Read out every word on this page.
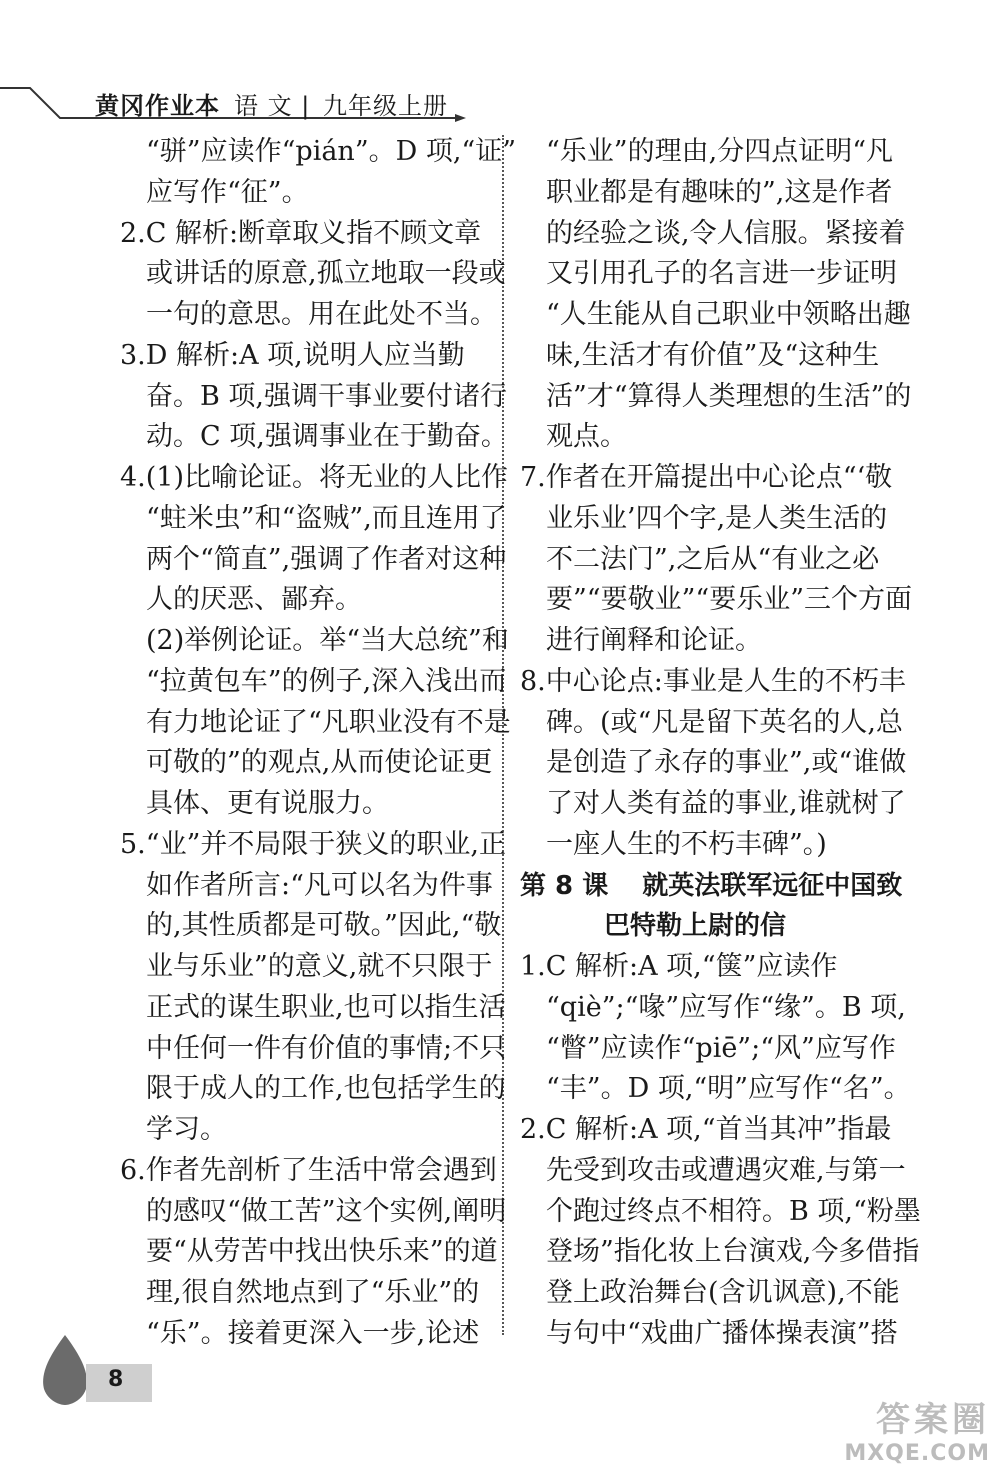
黄冈作业本 语 文 | 九年级上册
“骈”应读作“pián”。D 项,“证”
应写作“征”。
2.C 解析:断章取义指不顾文章
或讲话的原意,孤立地取一段或
一句的意思。用在此处不当。
3.D 解析:A 项,说明人应当勤
奋。B 项,强调干事业要付诸行
动。C 项,强调事业在于勤奋。
4.(1)比喻论证。将无业的人比作
“蛀米虫”和“盗贼”,而且连用了
两个“简直”,强调了作者对这种
人的厌恶、鄙弃。
(2)举例论证。举“当大总统”和
“拉黄包车”的例子,深入浅出而
有力地论证了“凡职业没有不是
可敬的”的观点,从而使论证更
具体、更有说服力。
5.“业”并不局限于狭义的职业,正
如作者所言:“凡可以名为件事
的,其性质都是可敬。”因此,“敬
业与乐业”的意义,就不只限于
正式的谋生职业,也可以指生活
中任何一件有价值的事情;不只
限于成人的工作,也包括学生的
学习。
6.作者先剖析了生活中常会遇到
的感叹“做工苦”这个实例,阐明
要“从劳苦中找出快乐来”的道
理,很自然地点到了“乐业”的
“乐”。接着更深入一步,论述
“乐业”的理由,分四点证明“凡
职业都是有趣味的”,这是作者
的经验之谈,令人信服。紧接着
又引用孔子的名言进一步证明
“人生能从自己职业中领略出趣
味,生活才有价值”及“这种生
活”才“算得人类理想的生活”的
观点。
7.作者在开篇提出中心论点“‘敬
业乐业’四个字,是人类生活的
不二法门”,之后从“有业之必
要”“要敬业”“要乐业”三个方面
进行阐释和论证。
8.中心论点:事业是人生的不朽丰
碑。(或“凡是留下英名的人,总
是创造了永存的事业”,或“谁做
了对人类有益的事业,谁就树了
一座人生的不朽丰碑”。)
第 8 课 就英法联军远征中国致
巴特勒上尉的信
1.C 解析:A 项,“箧”应读作
“qiè”;“喙”应写作“缘”。B 项,
“瞥”应读作“piē”;“风”应写作
“丰”。D 项,“明”应写作“名”。
2.C 解析:A 项,“首当其冲”指最
先受到攻击或遭遇灾难,与第一
个跑过终点不相符。B 项,“粉墨
登场”指化妆上台演戏,今多借指
登上政治舞台(含讥讽意),不能
与句中“戏曲广播体操表演”搭
8
答案圈
MXQE.COM
